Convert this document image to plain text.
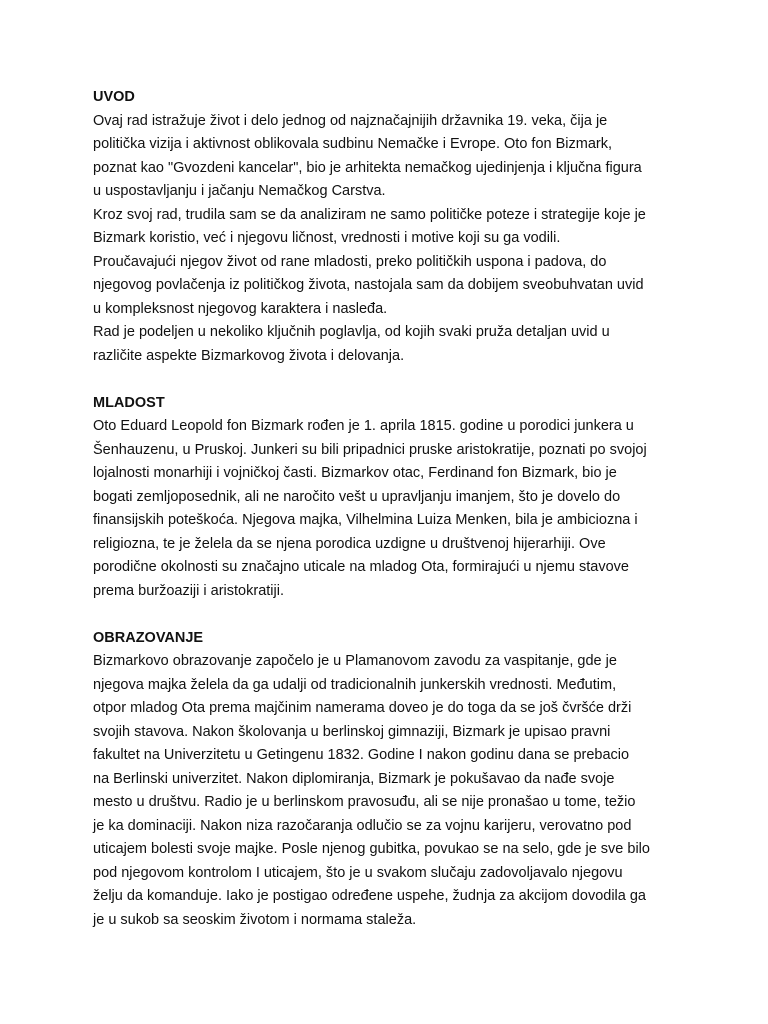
UVOD
Ovaj rad istražuje život i delo jednog od najznačajnijih državnika 19. veka, čija je
politička vizija i aktivnost oblikovala sudbinu Nemačke i Evrope. Oto fon Bizmark,
poznat kao "Gvozdeni kancelar", bio je arhitekta nemačkog ujedinjenja i ključna figura
u uspostavljanju i jačanju Nemačkog Carstva.
Kroz svoj rad, trudila sam se da analiziram ne samo političke poteze i strategije koje je
Bizmark koristio, već i njegovu ličnost, vrednosti i motive koji su ga vodili.
Proučavajući njegov život od rane mladosti, preko političkih uspona i padova, do
njegovog povlačenja iz političkog života, nastojala sam da dobijem sveobuhvatan uvid
u kompleksnost njegovog karaktera i nasleđa.
Rad je podeljen u nekoliko ključnih poglavlja, od kojih svaki pruža detaljan uvid u
različite aspekte Bizmarkovog života i delovanja.
MLADOST
Oto Eduard Leopold fon Bizmark rođen je 1. aprila 1815. godine u porodici junkera u
Šenhauzenu, u Pruskoj. Junkeri su bili pripadnici pruske aristokratije, poznati po svojoj
lojalnosti monarhiji i vojničkoj časti. Bizmarkov otac, Ferdinand fon Bizmark, bio je
bogati zemljoposednik, ali ne naročito vešt u upravljanju imanjem, što je dovelo do
finansijskih poteškoća. Njegova majka, Vilhelmina Luiza Menken, bila je ambiciozna i
religiozna, te je želela da se njena porodica uzdigne u društvenoj hijerarhiji. Ove
porodične okolnosti su značajno uticale na mladog Ota, formirajući u njemu stavove
prema buržoaziji i aristokratiji.
OBRAZOVANJE
Bizmarkovo obrazovanje započelo je u Plamanovom zavodu za vaspitanje, gde je
njegova majka želela da ga udalji od tradicionalnih junkerskih vrednosti. Međutim,
otpor mladog Ota prema majčinim namerama doveo je do toga da se još čvršće drži
svojih stavova. Nakon školovanja u berlinskoj gimnaziji, Bizmark je upisao pravni
fakultet na Univerzitetu u Getingenu 1832. Godine I nakon godinu dana se prebacio
na Berlinski univerzitet. Nakon diplomiranja, Bizmark je pokušavao da nađe svoje
mesto u društvu. Radio je u berlinskom pravosuđu, ali se nije pronašao u tome, težio
je ka dominaciji. Nakon niza razočaranja odlučio se za vojnu karijeru, verovatno pod
uticajem bolesti svoje majke. Posle njenog gubitka, povukao se na selo, gde je sve bilo
pod njegovom kontrolom I uticajem, što je u svakom slučaju zadovoljavalo njegovu
želju da komanduje. Iako je postigao određene uspehe, žudnja za akcijom dovodila ga
je u sukob sa seoskim životom i normama staleža.
